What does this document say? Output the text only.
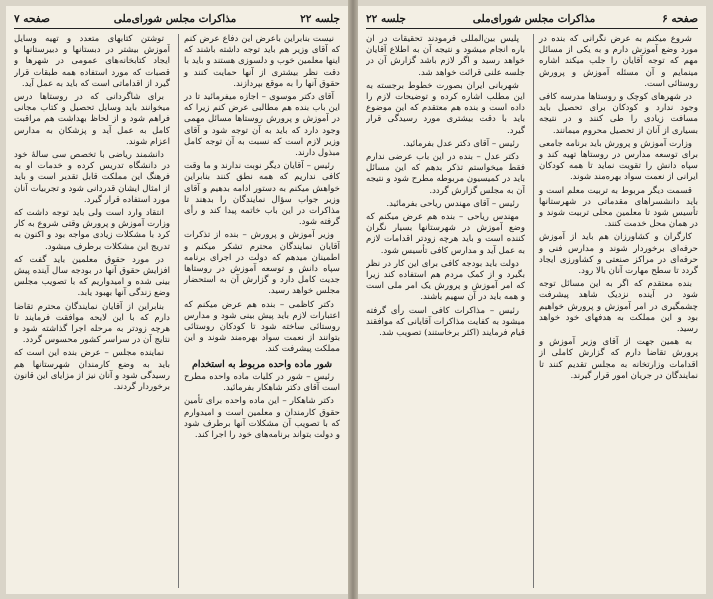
جلسه ۲۲
مذاکرات مجلس شورای‌ملی
صفحه ۷

نیست بنابراین باعرض این دفاع عرض کنم که آقای وزیر هم باید توجه داشته باشند که اینها معلمین خوب و دلسوزی هستند و باید با دقت نظر بیشتری از آنها حمایت کنند و حقوق آنها را به موقع بپردازند.

آقای دکتر موسوی – اجازه میفرمائید تا در این باب بنده هم مطالبی عرض کنم زیرا که در آموزش و پرورش روستاها مسائل مهمی وجود دارد که باید به آن توجه شود و آقای وزیر لازم است که نسبت به آن توجه کامل مبذول دارند.

رئیس – آقایان دیگر نوبت ندارند و ما وقت کافی نداریم که همه نطق کنند بنابراین خواهش میکنم به دستور ادامه بدهیم و آقای وزیر جواب سؤال نمایندگان را بدهند تا مذاکرات در این باب خاتمه پیدا کند و رأی گرفته شود.

وزیر آموزش و پرورش – بنده از تذکرات آقایان نمایندگان محترم تشکر میکنم و اطمینان میدهم که دولت در اجرای برنامه سپاه دانش و توسعه آموزش در روستاها جدیت کامل دارد و گزارش آن به استحضار مجلس خواهد رسید.

دکتر کاظمی – بنده هم عرض میکنم که اعتبارات لازم باید پیش بینی شود و مدارس روستائی ساخته شود تا کودکان روستائی بتوانند از نعمت سواد بهره‌مند شوند و این مملکت پیشرفت کند.

شور ماده واحده مربوط به استخدام

رئیس – شور در کلیات ماده واحده مطرح است آقای دکتر شاهکار بفرمائید.

دکتر شاهکار – این ماده واحده برای تأمین حقوق کارمندان و معلمین است و امیدوارم که با تصویب آن مشکلات آنها برطرف شود و دولت بتواند برنامه‌های خود را اجرا کند.

توشتن کتابهای متعدد و تهیه وسایل آموزش بیشتر در دبستانها و دبیرستانها و ایجاد کتابخانه‌های عمومی در شهرها و قصبات که مورد استفاده همه طبقات قرار گیرد از اقداماتی است که باید به عمل آید.

برای شاگردانی که در روستاها درس میخوانند باید وسایل تحصیل و کتاب مجانی فراهم شود و از لحاظ بهداشت هم مراقبت کامل به عمل آید و پزشکان به مدارس اعزام شوند.

دانشمند ریاضی با تخصص سی سالهٔ خود در دانشگاه تدریس کرده و خدمات او به فرهنگ این مملکت قابل تقدیر است و باید از امثال ایشان قدردانی شود و تجربیات آنان مورد استفاده قرار گیرد.

انتقاد وارد است ولی باید توجه داشت که وزارت آموزش و پرورش وقتی شروع به کار کرد با مشکلات زیادی مواجه بود و اکنون به تدریج این مشکلات برطرف میشود.

در مورد حقوق معلمین باید گفت که افزایش حقوق آنها در بودجه سال آینده پیش بینی شده و امیدواریم که با تصویب مجلس وضع زندگی آنها بهبود یابد.

بنابراین از آقایان نمایندگان محترم تقاضا دارم که با این لایحه موافقت فرمایند تا هرچه زودتر به مرحله اجرا گذاشته شود و نتایج آن در سراسر کشور محسوس گردد.

نماینده مجلس – عرض بنده این است که باید به وضع کارمندان شهرستانها هم رسیدگی شود و آنان نیز از مزایای این قانون برخوردار گردند.

صفحه ۶
مذاکرات مجلس شورای‌ملی
جلسه ۲۲

شروع میکنم به عرض نگرانی که بنده در مورد وضع آموزش دارم و به یکی از مسائل مهم که توجه آقایان را جلب میکند اشاره مینمایم و آن مسئله آموزش و پرورش روستائی است.

در شهرهای کوچک و روستاها مدرسه کافی وجود ندارد و کودکان برای تحصیل باید مسافت زیادی را طی کنند و در نتیجه بسیاری از آنان از تحصیل محروم میمانند.

وزارت آموزش و پرورش باید برنامه جامعی برای توسعه مدارس در روستاها تهیه کند و سپاه دانش را تقویت نماید تا همه کودکان ایرانی از نعمت سواد بهره‌مند شوند.

قسمت دیگر مربوط به تربیت معلم است و باید دانشسراهای مقدماتی در شهرستانها تأسیس شود تا معلمین محلی تربیت شوند و در همان محل خدمت کنند.

کارگران و کشاورزان هم باید از آموزش حرفه‌ای برخوردار شوند و مدارس فنی و حرفه‌ای در مراکز صنعتی و کشاورزی ایجاد گردد تا سطح مهارت آنان بالا رود.

بنده معتقدم که اگر به این مسائل توجه شود در آینده نزدیک شاهد پیشرفت چشمگیری در امر آموزش و پرورش خواهیم بود و این مملکت به هدفهای خود خواهد رسید.

به همین جهت از آقای وزیر آموزش و پرورش تقاضا دارم که گزارش کاملی از اقدامات وزارتخانه به مجلس تقدیم کنند تا نمایندگان در جریان امور قرار گیرند.

پلیس بین‌المللی فرمودند تحقیقات در آن باره انجام میشود و نتیجه آن به اطلاع آقایان خواهد رسید و اگر لازم باشد گزارش آن در جلسه علنی قرائت خواهد شد.

شهربانی ایران بصورت خطوط برجسته به این مطلب اشاره کرده و توضیحات لازم را داده است و بنده هم معتقدم که این موضوع باید با دقت بیشتری مورد رسیدگی قرار گیرد.

رئیس – آقای دکتر عدل بفرمائید.

دکتر عدل – بنده در این باب عرضی ندارم فقط میخواستم تذکر بدهم که این مسائل باید در کمیسیون مربوطه مطرح شود و نتیجه آن به مجلس گزارش گردد.

رئیس – آقای مهندس ریاحی بفرمائید.

مهندس ریاحی – بنده هم عرض میکنم که وضع آموزش در شهرستانها بسیار نگران کننده است و باید هرچه زودتر اقدامات لازم به عمل آید و مدارس کافی تأسیس شود.

دولت باید بودجه کافی برای این کار در نظر بگیرد و از کمک مردم هم استفاده کند زیرا که امر آموزش و پرورش یک امر ملی است و همه باید در آن سهیم باشند.

رئیس – مذاکرات کافی است رأی گرفته میشود به کفایت مذاکرات آقایانی که موافقند قیام فرمایند (اکثر برخاستند) تصویب شد.
